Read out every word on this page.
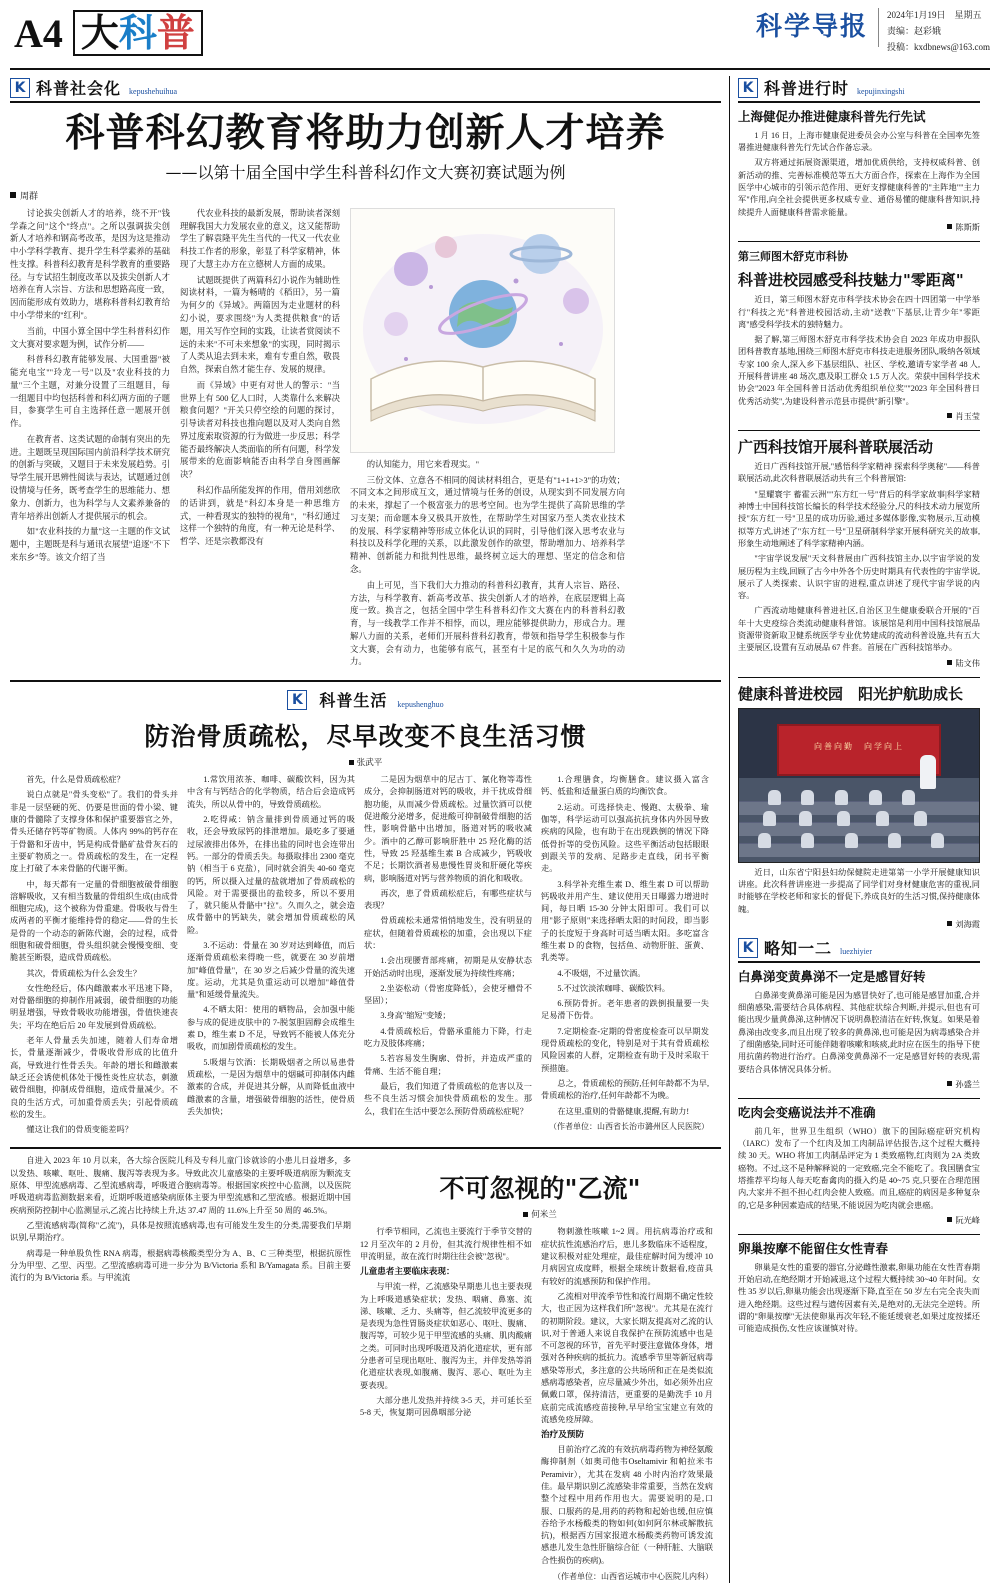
A4 大 科 普	科学导报	2024年1月19日　星期五
责编：赵彩娥
投稿：kxdbnews@163.com
K 科普社会化 kepushehuihua
科普科幻教育将助力创新人才培养
——以第十届全国中学生科普科幻作文大赛初赛试题为例
周群

讨论拔尖创新人才的培养，绕不开"钱学森之问"这个"终点"。之所以强调拔尖创新人才培养和钢高考改革，是因为这是推动中小学科学教育、提升学生科学素养的基础性支撑。科普科幻教育是科学教育的重要路径。与专试招生制度改革以及拔尖创新人才培养在育人宗旨、方法和思想路高度一致，因而能形成有效助力，堪称科普科幻教育给中小学带来的"红利"。

当前，中国小算全国中学生科普科幻作文大赛对要求题为例，试作分析——

科普科幻教育能够发展、大国重器"被能充电宝""玲龙一号"以及"农业科技的力量"三个主题，对兼分设置了三组题目，每一组题目中均包括科普和科幻两方面的子题目，参赛学生可自主选择任意一题展开创作。

在教育者、这类试题的命制有突出的先进。主题既呈现国际国内前沿科学技术研究的创新与突破，又题目于未来发展趋势。引导学生展开思辨性阅读与表达，试题通过创设情境与任务，既考查学生的思维能力、想象力、创新力，也为科学与人文素养兼备的青年培养出创新人才提供展示的机会。

如"农业科技的力量"这一主题的作文试题中，主题既是科与通讯衣展望"追逐"不下来东乡"等。该文介绍了当

代农业科技的最新发展，帮助读者深刻理解我国大力发展农业的意义，这又能帮助学生了解袁隆平先生当代的一代又一代农业科技工作者的形象，彰显了科学家精神，体现了大慧主办方在立德树人方面的成果。

试题既提供了两篇科幻小说作为辅助性阅读材料，一篇为畅晴的《稻田》，另一篇为何夕的《异域》。两篇因为走业题材的科幻小说，要求围绕"为人类提供粮食"的话题，用关写作空间的实践，让读者赏阅读不远的未来"不可未来想象"的实现，同时揭示了人类从追去到未来，难有专重自然，敬畏自然，探索自然才能生存、发展的规律。

而《异域》中更有对世人的警示："当世界上有 500 亿人口时，人类靠什么来解决粮食问题？"开关只停空绘的问题的探讨，引导读者对科技也推向题以及对人类向自然界过度索取资源的行为做进一步反思；科学能否最终解决人类面临的所有问题，科学发展带来的危面影响能否由科学自身图画解决？

科幻作品所能发挥的作用，借用刘慈欣的话讲到，就是"科幻本身是一种思维方式，一种看现实的独特的视角"，"科幻通过这样一个独特的角度，有一种无论是科学、哲学、还是宗教都没有

的认知能力，用它来看现实。"

三份文体、立意各不相同的阅读材料组合，更是有"1+1+1>3"的功效；不同文本之间形成互文，通过情境与任务的创设，从现实到不同发展方向的未来，撑起了一个极富张力的思考空间。也为学生提供了高阶思维的学习支架；而命题本身又极具开放性，在帮助学生对国家乃至人类农业技术的发展、科学家精神等形成立体化认识的同时，引导他们深入思考农业与科技以及科学化理的关系，以此激发创作的欲望，帮助增加力、培养科学精神、创新能力和批判性思维，最终树立远大的理想、坚定的信念和信念。

由上可见，当下我们大力推动的科普科幻教育，其育人宗旨、路径、方法，与科学教育、新高考改革、拔尖创新人才的培养，在底层逻辑上高度一致。换言之，包括全国中学生科普科幻作文大赛在内的科普科幻教育，与一线教学工作并不相悖，而以，理应能够提供助力，形成合力。理解八力面的关系，老师们开展科普科幻教育，带领和指导学生积极参与作文大赛，会有动力，也能够有底气，甚至有十足的底气和久久为功的动力。

K 科普生活 kepushenghuo
防治骨质疏松，尽早改变不良生活习惯
张武平

首先，什么是骨质疏松症？

说白点就是"骨头变松"了。我们的骨头并非是一层坚硬的死、仍要是世面的骨小梁、键康的骨髓除了支撑身体和保护重要器官之外，骨头还储存钙等矿物质。人体内 99%的钙存在于骨骼和牙齿中，钙是构成骨骼矿盐骨灰石的主要矿物质之一。骨质疏松的发生，在一定程度上打破了本来骨骼的代谢平衡。

中，每天都有一定量的骨细胞被破骨细胞溶解吸收，又有相当数量的骨组织生成(由成骨细胞完成)，这个被称为骨重建。骨吸收与骨生成两者的平衡才能维持骨的稳定——骨的生长是骨的一个动态的新陈代谢，会的过程，成骨细胞和破骨细胞，骨头组织就会慢慢变细、变脆甚至断裂，造成骨质疏松。

其次，骨质疏松为什么会发生？

女性绝经后，体内雌激素水平迅速下降，对骨骼细胞的抑制作用减弱，破骨细胞的功能明显增强，导致骨吸收功能增强，骨值快速丧失；平均在绝后后 20 年发展到骨质疏松。

老年人骨量丢失加速，随着人们寿命增长，骨量逐渐减少，骨吸收骨形成的比值升高，导致进行性骨丢失。年龄的增长和雌激素缺乏还会诱使机体处于慢性炎性应状态，刺激破骨细胞，抑制成骨细胞，造成骨量减少。不良的生活方式，可加重骨质丢失；引起骨质疏松的发生。

懂这让我们的骨质变能差吗？

1.常饮用浓茶、咖啡、碳酸饮料，因为其中含有与钙结合的化学物质，结合后会造成钙流失，所以从骨中的，导致骨质疏松。

2.吃得咸：钠含量排到骨质通过钙的吸收，还会导致尿钙的排泄增加。最吃多了要通过尿液排出体外，在排出盐的同时也会连带出钙。一部分的骨质丢失。每摄取排出 2300 毫克钠（相当于 6 克盐），同时就会消失 40-60 毫克的钙，所以摄入过量的盐就增加了骨质疏松的风险。对于需要摄出的盐较多，所以不要用了，就只能从骨骼中"拉"。久而久之，就会造成骨骼中的钙缺失，就会增加骨质疏松的风险。

3.不运动：骨量在 30 岁对达到峰值，而后逐渐骨质疏松来得晚一些，就要在 30 岁前增加"峰值骨量"，在 30 岁之后减少骨量的流失速度。运动，尤其是负重运动可以增加"峰值骨量"和延缓骨量流失。

4.不晒太阳：使用的晒物品，会加强中能参与成的促进皮肤中的 7-脱氢胆固醇会成维生素 D，维生素 D 不足，导致钙不能被人体充分吸收，而加剧骨质疏松的发生。

5.吸烟与饮酒：长期吸烟者之所以易患骨质疏松，一是因为烟草中的烟碱可抑制体内雌激素的合成，并促进其分解，从而降低血液中雌激素的含量，增强破骨细胞的活性，使骨质丢失加快；

二是因为烟草中的尼古丁、氰化物等毒性成分，会抑制肠道对钙的吸收，并干扰成骨细胞功能，从而减少骨质疏松。过量饮酒可以使促进酸分泌增多，促进酸可抑制破骨细胞的活性，影响骨骼中出增加，肠道对钙的吸收减少。酒中的乙醇可影响肝胜中 25 羟化酶的活性，导致 25 羟基维生素 B 合成减少，钙吸收不足；长期饮酒者易患慢性胃炎和肝硬化等疾病，影响肠道对钙与营养物质的消化和吸收。

再次，患了骨质疏松症后，有哪些症状与表现？

骨质疏松未通常悄悄地发生，没有明显的症状，但随着骨质疏松的加重，会出现以下症状：

1.会出现腰背部疼痛，初期是从安静状态开始活动时出现，逐渐发展为持续性疼痛；

2.坐姿松动（骨密度降低），会使牙槽骨不坚固）；

3.身高"缩短"变矮；

4.骨质疏松后，骨骼承重能力下降，行走吃力及肢体疼痛；

5.若容易发生胸廓、骨折，并造成严重的骨痛、生活不能自理；

最后，我们知道了骨质疏松的危害以及一些不良生活习惯会加快骨质疏松的发生。那么，我们在生活中要怎么预防骨质疏松症呢？

1.合理膳食，均衡膳食。建议摄入富含钙、低盐和适量蛋白质的均衡饮食。

2.运动。可选择快走、慢跑、太极拳、瑜伽等，科学运动可以强高抗抗身体内外因导致疾病的风险，也有助于在出现跌倒的情况下降低骨折等的受伤风险。这些平衡活动包括眼眼到跟关节的发病、足路步走直线，闭书平衡走。

3.科学补充维生素 D、维生素 D 可以帮助钙吸收并用产生、建议使用天日曝露力增进时间，每日晒 15-30 分钟太阳即可。我们可以用"影子原则"来选择晒太阳的时间段，即当影子的长度短于身高时可适当晒太阳。多吃富含维生素 D 的食物，包括鱼、动物肝脏、蛋黄、乳类等。

4.不吸烟，不过量饮酒。

5.不过饮淡浓咖啡、碳酸饮料。

6.预防骨折。老年患者的跌倒损量要一失足易滑下伤骨。

7.定期检查-定期的骨密度检查可以早期发现骨质疏松的变化，特别是对于其有骨质疏松风险因素的人群，定期检查有助于及时采取干预措施。

总之，骨质疏松的预防,任何年龄都不为早,骨质疏松的治疗,任何年龄都不为晚。

在这里,重则的骨骼健康,提醒,有助力!

（作者单位：山西省长治市潞州区人民医院）

自进入 2023 年 10 月以来，各大综合医院儿科及专科儿童门诊就诊的小患儿日益增多，多以发热、咳嗽、呕吐、腹痛、腹泻等表现为多。导致此次儿童感染的主要呼吸道病原为颗流支原体、甲型流感病毒、乙型流感病毒，呼吸道合胞病毒等。根据国家疾控中心监测，以及医院呼吸道病毒监测数据来看，近期呼吸道感染病原体主要为甲型流感和乙型流感。根据近期中国疾病预防控制中心监测显示,乙流占比持续上升,达 37.47 周的 11.6%上升至 50 周的 46.5%。

乙型流感病毒(简称"乙流")，具体是按照流感病毒,也有可能发生发生的分类,需要我们早期识别,早期治疗。

病毒是一种单股负性 RNA 病毒，根据病毒核酸类型分为 A、B、C 三种类型，根据抗原性分为甲型、乙型、丙型。乙型流感病毒可进一步分为 B/Victoria 系和 B/Yamagata 系。目前主要流行的为 B/Victoria 系。与甲流流

不可忽视的"乙流"
何米兰

行季节相同，乙流也主要流行于季节交替的 12 月至次年的 2 月份，但其流行规律性相不如甲流明显，故在流行时期往往会被"忽视"。

儿童患者主要临床表现：

与甲流一样，乙流感染早期患儿也主要表现为上呼吸道感染症状；发热、咽痛、鼻塞、流涕、咳嗽、乏力、头痛等，但乙流较甲流更多的是表现为急性胃肠炎症状如恶心、呕吐、腹痛、腹泻等，可较少见于甲型流感的头痛、肌肉酸痛之类。可同时出现呼吸道及消化道症状，更有部分患者可呈现出呕吐、腹泻为主，并伴发热等消化道症状表现,如腹痛、腹泻、恶心、呕吐为主要表现。

大部分患儿发热并持续 3-5 天，并可延长至 5-8 天，恢复期可因鼻咽部分泌

物刺激性咳嗽 1~2 周。用抗病毒治疗或和症状抗性流感治疗后，患儿多数临床不适程度，建议积极对症处理症，最佳症解时间为缓冲 10 月病因宜成度畔，根据全球统计数据看,疫苗具有较好的流感预防和保护作用。

乙流相对甲流季节性和流行周期不确定性较大，也正因为这样我们所"忽视"。尤其是在流行的初期阶段。建议，大家长期友提高对乙流的认识,对于普通人来说自我保护在预防流感中也是不可忽视的环节，首先平时要注意做体身体，增强对各种疾病的抵抗力。流感季节里等新冠病毒感染等形式，多注意的公共场所和正在是类似流感病毒感染者，应尽量减少外出，如必须外出应佩戴口罩，保持清洁，更重要的是勤洗手 10 月底前完成流感疫苗接种,早早给宝宝建立有效的流感免疫屏障。

治疗及预防

目前治疗乙流的有效抗病毒药物为神经氨酸酶抑制剂（如奥司他韦Oseltamivir 和帕拉米韦 Peramivir），尤其在发病 48 小时内治疗效果最佳。最早期识别乙流感染非常重要，当然在发病整个过程中用药作用也大。需要说明的是,口服、口服药的是,用药的药物和起始也缓,但应慎吞给予水杨酸类的物如何(如何阿尔林或解散抗抗)，根据西方国家报道水杨酸类药物可诱发流感患儿发生急性肝脑综合征（一种肝脏、大脑联合性损伤的疾病)。

（作者单位：山西省运城市中心医院儿内科）
K 科普进行时 kepujinxingshi
上海健促办推进健康科普先行先试

1 月 16 日，上海市健康促进委员会办公室与科普在全国率先签署推进健康科普先行先试合作备忘录。

双方将通过拓展资源渠道，增加优质供给，支持权威科普、创新活动的推、完善标准模范等五大方面合作，探索在上海作为全国医学中心城市的引领示范作用、更好支撑健康科普的"主阵地""主力军"作用,向全社会提供更多权威专业、通俗易懂的健康科普知识,持续提升人面健康科普需求能量。

陈斯斯
第三师图木舒克市科协
科普进校园感受科技魅力"零距离"

近日，第三师图木舒克市科学技术协会在四十四团第一中学举行"科技之光"科普进校园活动,主动"送教"下基层,让青少年"零距离"感受科学技术的独特魅力。

据了解,第三师图木舒克市科学技术协会自 2023 年成功申报队团科普教育基地,围绕三师图木舒克市科技走进服务团队,吸纳各领域专家 100 余人,深入乡下基层组队、社区、学校,邀请专家学者 48 人,开展科普讲座 48 场次,惠及职工群众 1.5 万人次。荣获中国科学技术协会"2023 年全国科普日活动优秀组织单位奖""2023 年全国科普日优秀活动奖",为建设科普示范县市提供"新引擎"。

肖玉莹
广西科技馆开展科普联展活动

近日广西科技馆开展,"感悟科学家精神 探索科学奥秘"——科普联展活动,此次科普联展活动共有三个科普展馆:

"星耀寰宇 蓄霍云洲""东方红一号"背后的科学家故事|科学家精神博士中国科技馆长编长的科学技术经验分,尺的科技术动力展览所授"东方红一号"卫星的成功历验,通过多媒体影像,实物展示,互动模拟等方式,讲述了"东方红一号"卫星研制科学家开展科研究关的故事,形象生动地阐述了科学家精神内涵。

"宇宙学说发展"天文科普展由广西科技馆主办,以宇宙学说的发展历程为主线,回顾了古今中外各个历史时期具有代表性的宇宙学说,展示了人类探索、认识宇宙的进程,重点讲述了现代宇宙学说的内容。

广西流动地健康科普进社区,自治区卫生健康委联合开展的"百年十大史疫综合类流动健康科普馆。该展馆是利用中国科技馆展品资源带资新取卫健系统医学专业优势建成的流动科普设施,共有五大主要展区,设置有互动展品 67 件套。首展在广西科技馆举办。

陆文伟
健康科普进校园　阳光护航助成长
向善向勤　向学向上

近日，山东省宁阳县妇幼保健院走进第第一小学开展健康知识讲座。此次科普讲座进一步提高了同学们对身材健康危害的重视,同时能够在学校老师和家长的督促下,养成良好的生活习惯,保持健康体魄。

刘海霞
K 略知一二 luezhiyier
白鼻涕变黄鼻涕不一定是感冒好转

白鼻涕变黄鼻涕可能是因为感冒快好了,也可能是感冒加重,合并细菌感染,需要结合具体病程、其他症状综合判断,并提示,但也有可能出现少量黄鼻涕,这种情况下说明鼻腔清洁在好转,恢复。如果是着鼻涕由改变多,而且出现了较多的黄鼻涕,也可能是因为病毒感染合并了细菌感染,同时还可能伴随着咳嗽和咳痰,此时应在医生的指导下使用抗菌药物进行治疗。白鼻涕变黄鼻涕不一定是感冒好转的表现,需要结合具体情况具体分析。

孙盛兰
吃肉会变癌说法并不准确

前几年，世界卫生组织（WHO）旗下的国际癌症研究机构（IARC）发布了一个红肉及加工肉制品评估报告,这个过程大概持续 30 天。WHO 将加工肉制品评定为 1 类致癌物,红肉则为 2A 类致癌物。不过,这不是种解释说的一定致癌,完全不能吃了。我国膳食宝塔推荐平均每人每天吃畜禽肉的摄入约是 40~75 克,只要在合理范围内,大家并不担不担心红肉会使人致癌。而且,癌症的病因是多种复杂的,它是多种因素造成的结果,不能说因为吃肉就会患癌。

阮光峰
卵巢按摩不能留住女性青春

卵巢是女性的重要的器官,分泌雌性激素,卵巢功能在女性青春期开始启动,在绝经期才开始减退,这个过程大概持续 30~40 年时间。女性 35 岁以后,卵巢功能会出现逐渐下降,直至在 50 岁左右完全丧失而进入绝经期。这些过程与遗传因素有关,是绝对的,无法完全逆转。所谓的"卵巢按摩"无法使卵巢再次年轻,不能延缓衰老,如果过度按揉还可能造成损伤,女性应该谨慎对待。
